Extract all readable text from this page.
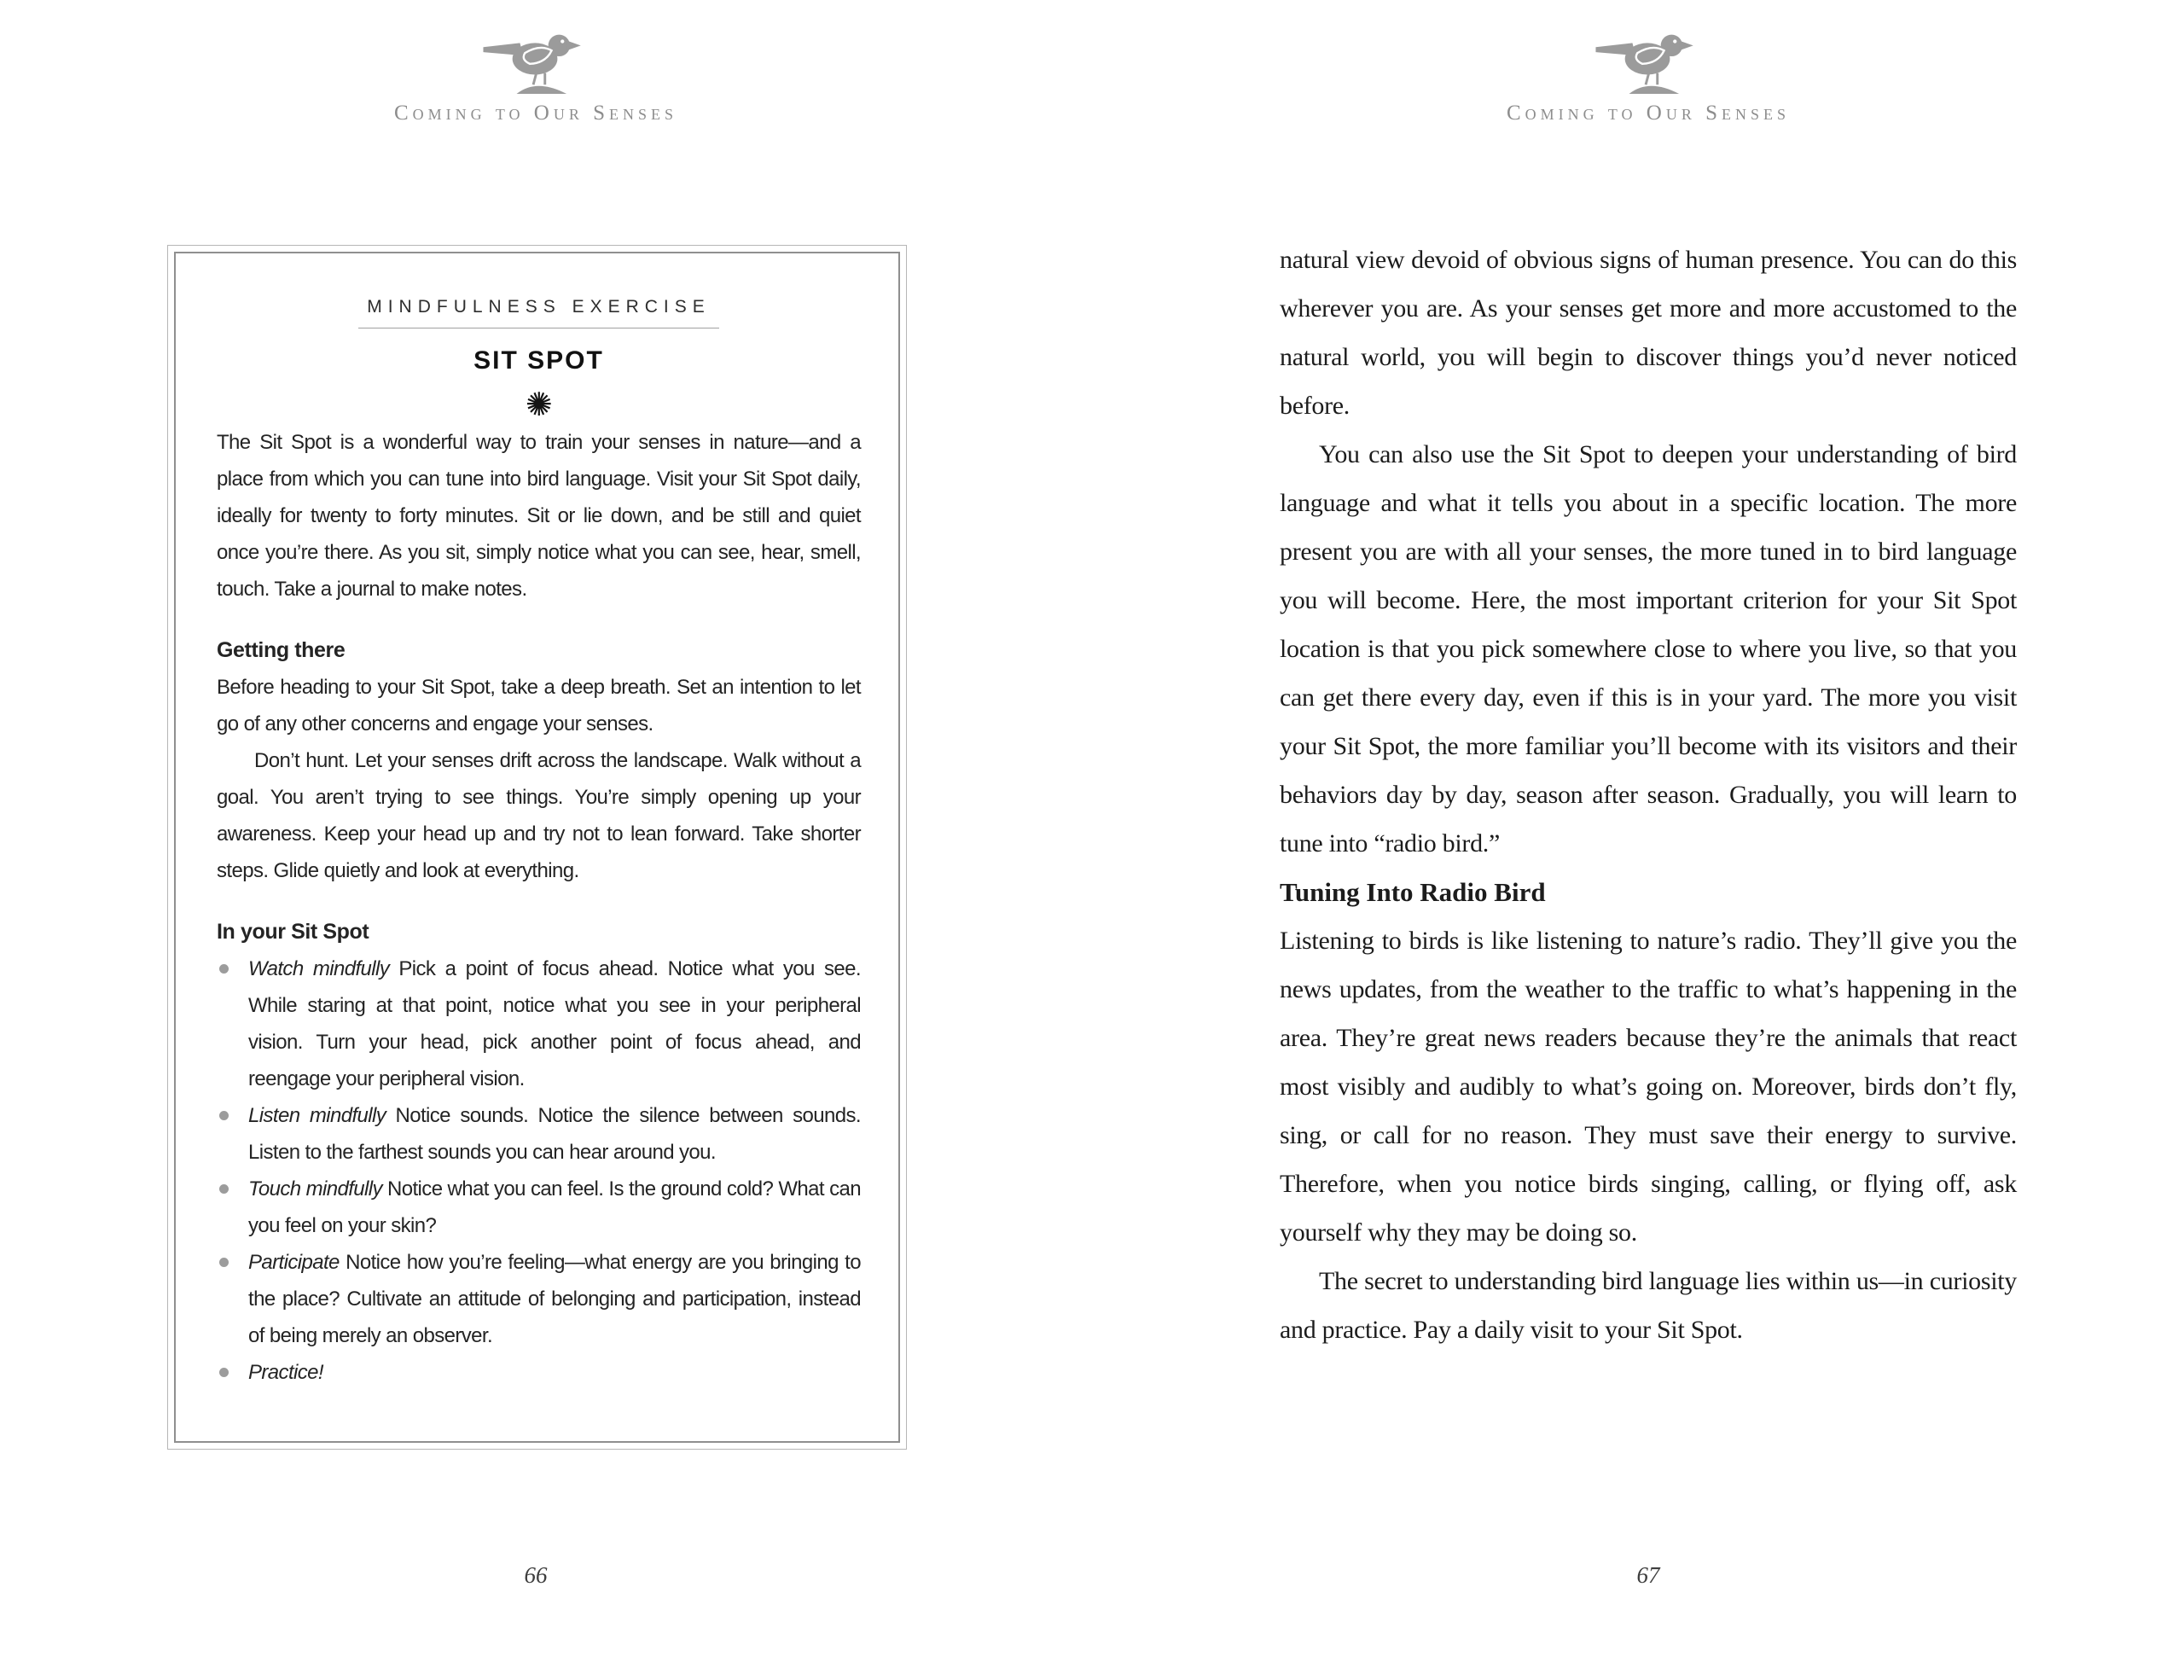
Coming to Our Senses	Coming to Our Senses
MINDFULNESS EXERCISE
SIT SPOT
✺

The Sit Spot is a wonderful way to train your senses in nature—and a place from which you can tune into bird language. Visit your Sit Spot daily, ideally for twenty to forty minutes. Sit or lie down, and be still and quiet once you’re there. As you sit, simply notice what you can see, hear, smell, touch. Take a journal to make notes.

Getting there

Before heading to your Sit Spot, take a deep breath. Set an intention to let go of any other concerns and engage your senses.

Don’t hunt. Let your senses drift across the landscape. Walk without a goal. You aren’t trying to see things. You’re simply opening up your awareness. Keep your head up and try not to lean forward. Take shorter steps. Glide quietly and look at everything.

In your Sit Spot
Watch mindfully Pick a point of focus ahead. Notice what you see. While staring at that point, notice what you see in your peripheral vision. Turn your head, pick another point of focus ahead, and reengage your peripheral vision.
Listen mindfully Notice sounds. Notice the silence between sounds. Listen to the farthest sounds you can hear around you.
Touch mindfully Notice what you can feel. Is the ground cold? What can you feel on your skin?
Participate Notice how you’re feeling—what energy are you bringing to the place? Cultivate an attitude of belonging and participation, instead of being merely an observer.
Practice!

natural view devoid of obvious signs of human presence. You can do this wherever you are. As your senses get more and more accustomed to the natural world, you will begin to discover things you’d never noticed before.

You can also use the Sit Spot to deepen your understanding of bird language and what it tells you about in a specific location. The more present you are with all your senses, the more tuned in to bird language you will become. Here, the most important criterion for your Sit Spot location is that you pick somewhere close to where you live, so that you can get there every day, even if this is in your yard. The more you visit your Sit Spot, the more familiar you’ll become with its visitors and their behaviors day by day, season after season. Gradually, you will learn to tune into “radio bird.”

Tuning Into Radio Bird

Listening to birds is like listening to nature’s radio. They’ll give you the news updates, from the weather to the traffic to what’s happening in the area. They’re great news readers because they’re the animals that react most visibly and audibly to what’s going on. Moreover, birds don’t fly, sing, or call for no reason. They must save their energy to survive. Therefore, when you notice birds singing, calling, or flying off, ask yourself why they may be doing so.

The secret to understanding bird language lies within us—in curiosity and practice. Pay a daily visit to your Sit Spot.

66	67
